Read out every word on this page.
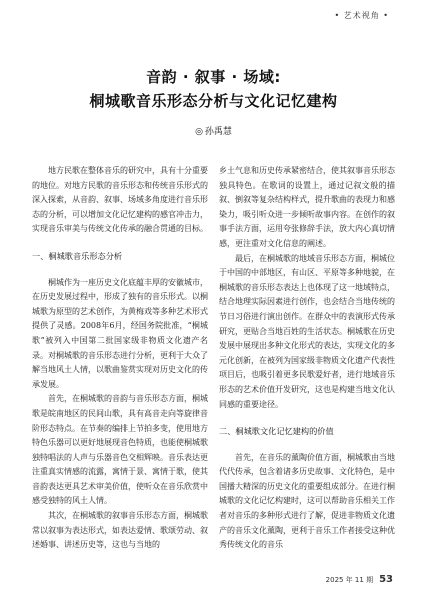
• 艺术视角 •
音韵 · 叙事 · 场域:
桐城歌音乐形态分析与文化记忆建构
◎ 孙禹慧

地方民歌在整体音乐的研究中，具有十分重要的地位。对地方民歌的音乐形态和传统音乐形式的深入探索，从音韵、叙事、场域多角度进行音乐形态的分析，可以增加文化记忆建构的感官冲击力，实现音乐审美与传统文化传承的融合贯通的目标。

一、桐城歌音乐形态分析

桐城作为一座历史文化底蕴丰厚的安徽城市，在历史发展过程中，形成了独有的音乐形式。以桐城歌为原型的艺术创作，为黄梅戏等多种艺术形式提供了灵感。2008年6月，经国务院批准，“桐城歌”被列入中国第二批国家级非物质文化遗产名录。对桐城歌的音乐形态进行分析，更利于大众了解当地风土人情，以歌曲鉴赏实现对历史文化的传承发展。

首先，在桐城歌的音韵与音乐形态方面，桐城歌是皖南地区的民间山歌，具有高音走向等旋律音阶形态特点。在节奏的编排上节拍多变，使用地方特色乐器可以更好地展现音色特质，也能使桐城歌独特唱法的人声与乐器音色交相辉映。音乐表达更注重真实情感的流露，寓情于景、寓情于歌，使其音韵表达更具艺术审美价值，使听众在音乐欣赏中感受独特的风土人情。

其次，在桐城歌的叙事音乐形态方面，桐城歌常以叙事为表达形式，如表达爱情、歌颂劳动、叙述婚事、讲述历史等，这也与当地的

乡土气息和历史传承紧密结合，使其叙事音乐形态独具特色。在歌词的设置上，通过记叙文般的描叙、倒叙等复杂结构样式，提升歌曲的表现力和感染力，吸引听众进一步倾听故事内容。在创作的叙事手法方面，运用夸张修辞手法，放大内心真切情感，更注重对文化信息的阐述。

最后，在桐城歌的地域音乐形态方面，桐城位于中国的中部地区，有山区、平原等多种地貌，在桐城歌的音乐形态表达上也体现了这一地域特点，结合地理实际因素进行创作，也会结合当地传统的节日习俗进行演出创作。在群众中的表演形式传承研究，更贴合当地百姓的生活状态。桐城歌在历史发展中展现出多种文化形式的表达，实现文化的多元化创新，在被列为国家级非物质文化遗产代表性项目后，也吸引着更多民歌爱好者，进行地域音乐形态的艺术价值开发研究，这也是构建当地文化认同感的重要途径。

二、桐城歌文化记忆建构的价值

首先，在音乐的薰陶价值方面，桐城歌由当地代代传承，包含着诸多历史故事、文化特色，是中国播大精深的历史文化的重要组成部分。在进行桐城歌的文化记忆构建时，这可以帮助音乐相关工作者对音乐的多种形式进行了解，促进非物质文化遗产的音乐文化薰陶，更利于音乐工作者接受这种优秀传统文化的音乐

2025 年 11 期 53
